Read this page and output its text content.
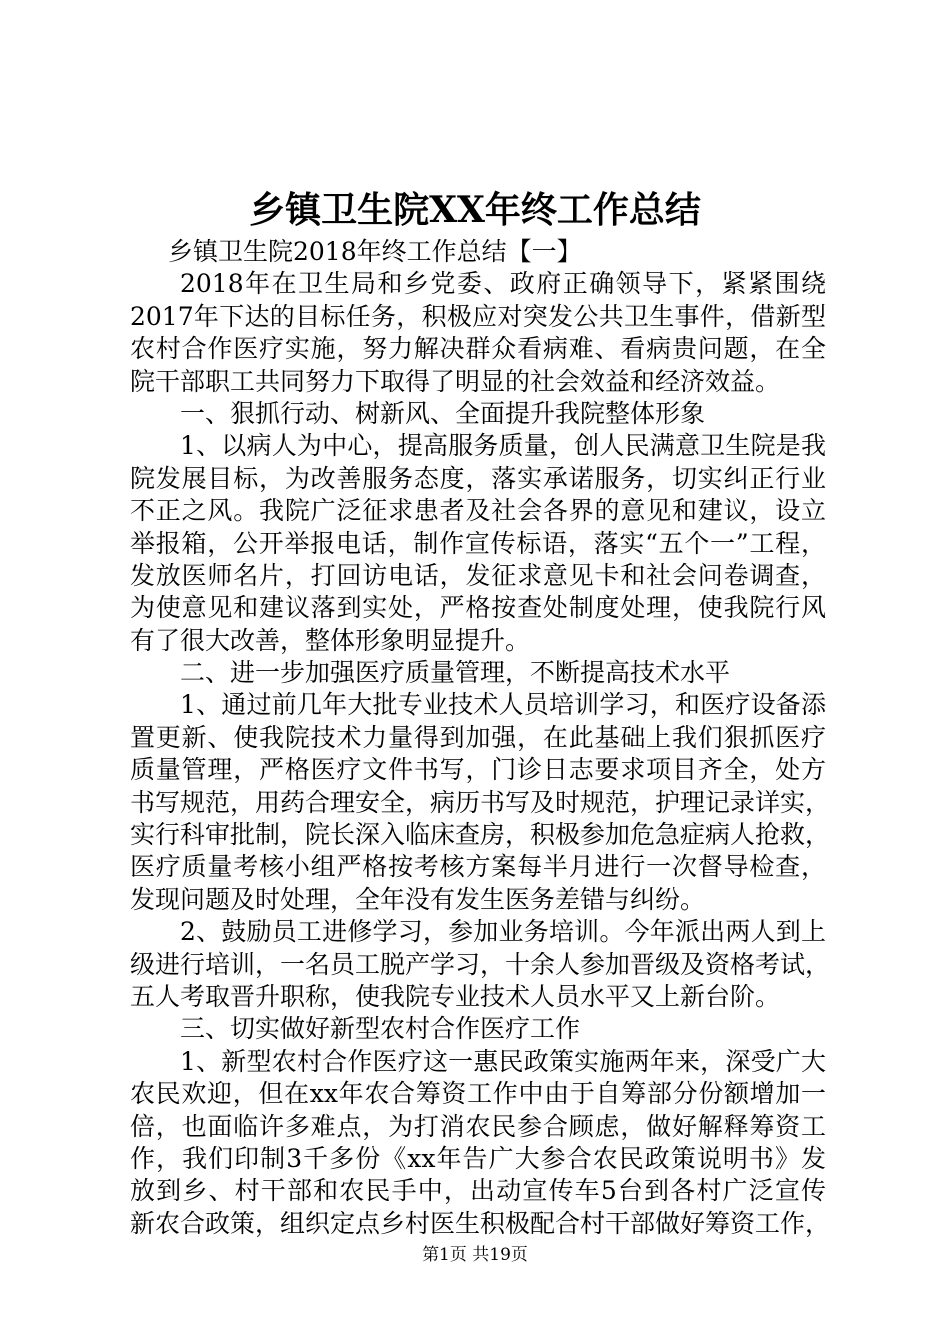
乡镇卫生院XX年终工作总结
乡镇卫生院2018年终工作总结【一】
2018年在卫生局和乡党委、政府正确领导下，紧紧围绕
2017年下达的目标任务，积极应对突发公共卫生事件，借新型
农村合作医疗实施，努力解决群众看病难、看病贵问题，在全
院干部职工共同努力下取得了明显的社会效益和经济效益。
一、狠抓行动、树新风、全面提升我院整体形象
1、以病人为中心，提高服务质量，创人民满意卫生院是我
院发展目标，为改善服务态度，落实承诺服务，切实纠正行业
不正之风。我院广泛征求患者及社会各界的意见和建议，设立
举报箱，公开举报电话，制作宣传标语，落实“五个一”工程，
发放医师名片，打回访电话，发征求意见卡和社会问卷调查，
为使意见和建议落到实处，严格按查处制度处理，使我院行风
有了很大改善，整体形象明显提升。
二、进一步加强医疗质量管理，不断提高技术水平
1、通过前几年大批专业技术人员培训学习，和医疗设备添
置更新、使我院技术力量得到加强，在此基础上我们狠抓医疗
质量管理，严格医疗文件书写，门诊日志要求项目齐全，处方
书写规范，用药合理安全，病历书写及时规范，护理记录详实，
实行科审批制，院长深入临床查房，积极参加危急症病人抢救，
医疗质量考核小组严格按考核方案每半月进行一次督导检查，
发现问题及时处理，全年没有发生医务差错与纠纷。
2、鼓励员工进修学习，参加业务培训。今年派出两人到上
级进行培训，一名员工脱产学习，十余人参加晋级及资格考试，
五人考取晋升职称，使我院专业技术人员水平又上新台阶。
三、切实做好新型农村合作医疗工作
1、新型农村合作医疗这一惠民政策实施两年来，深受广大
农民欢迎，但在xx年农合筹资工作中由于自筹部分份额增加一
倍，也面临许多难点，为打消农民参合顾虑，做好解释筹资工
作，我们印制3千多份《xx年告广大参合农民政策说明书》发
放到乡、村干部和农民手中，出动宣传车5台到各村广泛宣传
新农合政策，组织定点乡村医生积极配合村干部做好筹资工作，
第1页 共19页
